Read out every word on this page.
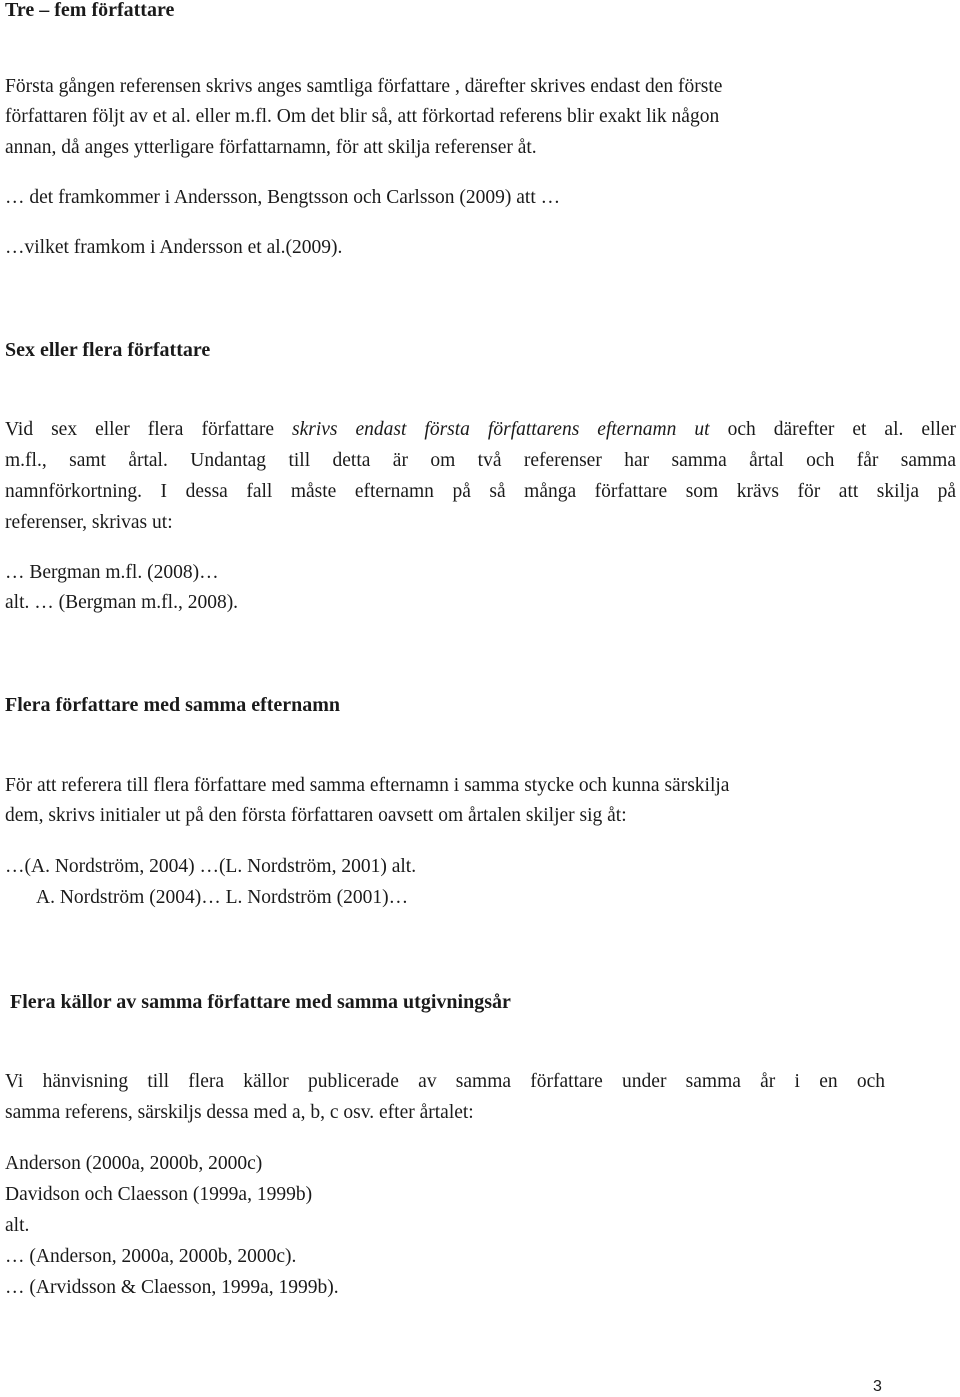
Tre – fem författare
Första gången referensen skrivs anges samtliga författare , därefter skrives endast den förste
författaren följt av et al. eller m.fl. Om det blir så, att förkortad referens blir exakt lik någon
annan, då anges ytterligare författarnamn, för att skilja referenser åt.
… det framkommer i Andersson, Bengtsson och Carlsson (2009) att …
…vilket framkom i Andersson et al.(2009).
Sex eller flera författare
Vid sex eller flera författare skrivs endast första författarens efternamn ut och därefter et al. eller
m.fl., samt årtal. Undantag till detta är om två referenser har samma årtal och får samma
namnförkortning. I dessa fall måste efternamn på så många författare som krävs för att skilja på
referenser, skrivas ut:
… Bergman m.fl. (2008)…
alt. … (Bergman m.fl., 2008).
Flera författare med samma efternamn
För att referera till flera författare med samma efternamn i samma stycke och kunna särskilja
dem, skrivs initialer ut på den första författaren oavsett om årtalen skiljer sig åt:
…(A. Nordström, 2004) …(L. Nordström, 2001) alt.
A. Nordström (2004)… L. Nordström (2001)…
Flera källor av samma författare med samma utgivningsår
Vi hänvisning till flera källor publicerade av samma författare under samma år i en och
samma referens, särskiljs dessa med a, b, c osv. efter årtalet:
Anderson (2000a, 2000b, 2000c)
Davidson och Claesson (1999a, 1999b)
alt.
… (Anderson, 2000a, 2000b, 2000c).
… (Arvidsson & Claesson, 1999a, 1999b).
3
